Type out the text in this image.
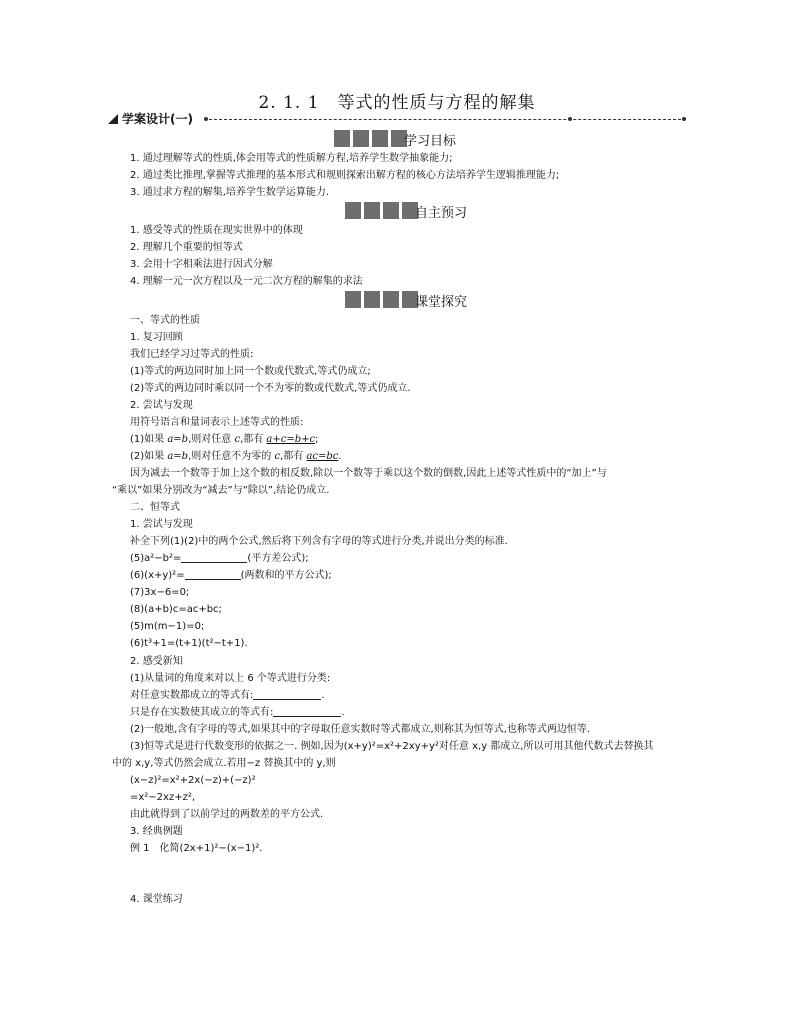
2. 1. 1　等式的性质与方程的解集
学案设计(一)
学习目标
1. 通过理解等式的性质,体会用等式的性质解方程,培养学生数学抽象能力;
2. 通过类比推理,掌握等式推理的基本形式和规则探索出解方程的核心方法培养学生逻辑推理能力;
3. 通过求方程的解集,培养学生数学运算能力.
自主预习
1. 感受等式的性质在现实世界中的体现
2. 理解几个重要的恒等式
3. 会用十字相乘法进行因式分解
4. 理解一元一次方程以及一元二次方程的解集的求法
课堂探究
一、等式的性质
1. 复习回顾
我们已经学习过等式的性质:
(1)等式的两边同时加上同一个数或代数式,等式仍成立;
(2)等式的两边同时乘以同一个不为零的数或代数式,等式仍成立.
2. 尝试与发现
用符号语言和量词表示上述等式的性质:
(1)如果 a=b,则对任意 c,都有 a+c=b+c;
(2)如果 a=b,则对任意不为零的 c,都有 ac=bc.
因为减去一个数等于加上这个数的相反数,除以一个数等于乘以这个数的倒数,因此上述等式性质中的“加上”与
“乘以”如果分别改为“减去”与“除以”,结论仍成立.
二、恒等式
1. 尝试与发现
补全下列(1)(2)中的两个公式,然后将下列含有字母的等式进行分类,并说出分类的标准.
(5)a²−b²=	(平方差公式);
(6)(x+y)²=	(两数和的平方公式);
(7)3x−6=0;
(8)(a+b)c=ac+bc;
(5)m(m−1)=0;
(6)t³+1=(t+1)(t²−t+1).
2. 感受新知
(1)从量词的角度来对以上 6 个等式进行分类:
对任意实数都成立的等式有:	.
只是存在实数使其成立的等式有:	.
(2)一般地,含有字母的等式,如果其中的字母取任意实数时等式都成立,则称其为恒等式,也称等式两边恒等.
(3)恒等式是进行代数变形的依据之一. 例如,因为(x+y)²=x²+2xy+y²对任意 x,y 都成立,所以可用其他代数式去替换其
中的 x,y,等式仍然会成立.若用−z 替换其中的 y,则
(x−z)²=x²+2x(−z)+(−z)²
=x²−2xz+z²,
由此就得到了以前学过的两数差的平方公式.
3. 经典例题
例 1　化简(2x+1)²−(x−1)².
4. 课堂练习
